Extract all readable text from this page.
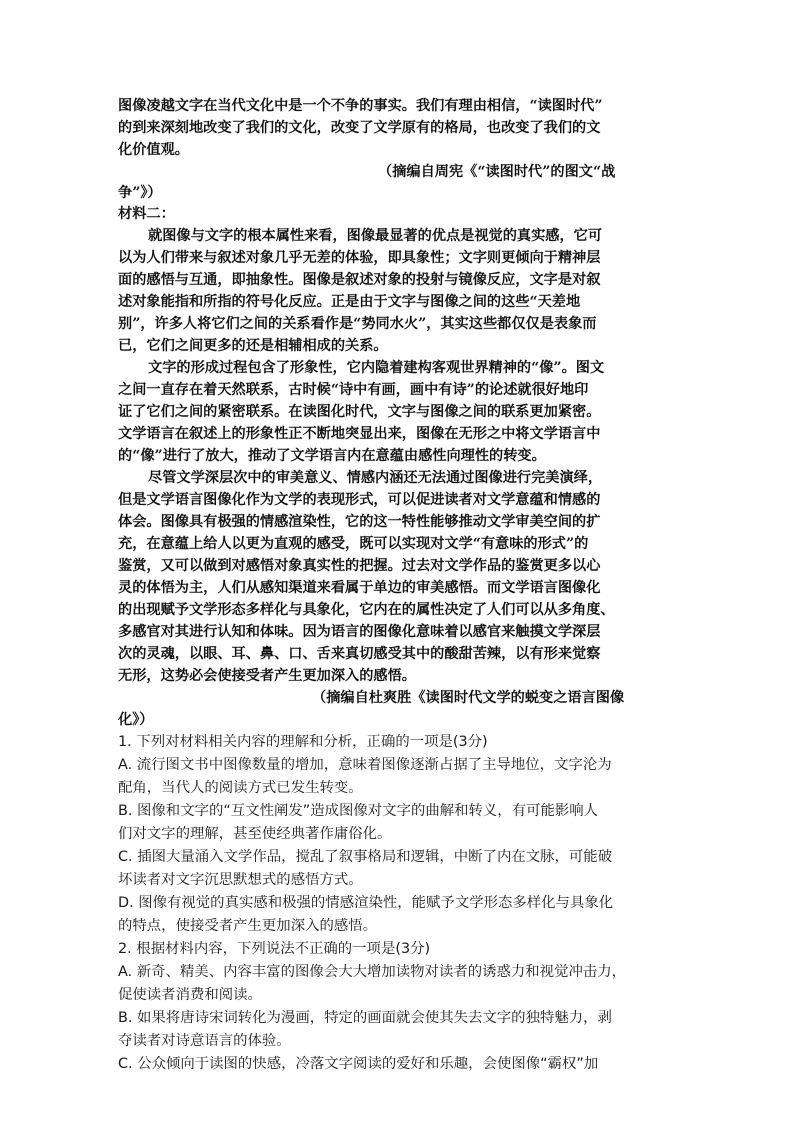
图像凌越文字在当代文化中是一个不争的事实。我们有理由相信，“读图时代”
的到来深刻地改变了我们的文化，改变了文学原有的格局，也改变了我们的文
化价值观。
（摘编自周宪《“读图时代”的图文“战
争”》）
材料二：
就图像与文字的根本属性来看，图像最显著的优点是视觉的真实感，它可
以为人们带来与叙述对象几乎无差的体验，即具象性；文字则更倾向于精神层
面的感悟与互通，即抽象性。图像是叙述对象的投射与镜像反应，文字是对叙
述对象能指和所指的符号化反应。正是由于文字与图像之间的这些“天差地
别”，许多人将它们之间的关系看作是“势同水火”，其实这些都仅仅是表象而
已，它们之间更多的还是相辅相成的关系。
文字的形成过程包含了形象性，它内隐着建构客观世界精神的“像”。图文
之间一直存在着天然联系，古时候“诗中有画，画中有诗”的论述就很好地印
证了它们之间的紧密联系。在读图化时代，文字与图像之间的联系更加紧密。
文学语言在叙述上的形象性正不断地突显出来，图像在无形之中将文学语言中
的“像”进行了放大，推动了文学语言内在意蕴由感性向理性的转变。
尽管文学深层次中的审美意义、情感内涵还无法通过图像进行完美演绎，
但是文学语言图像化作为文学的表现形式，可以促进读者对文学意蕴和情感的
体会。图像具有极强的情感渲染性，它的这一特性能够推动文学审美空间的扩
充，在意蕴上给人以更为直观的感受，既可以实现对文学“有意味的形式”的
鉴赏，又可以做到对感悟对象真实性的把握。过去对文学作品的鉴赏更多以心
灵的体悟为主，人们从感知渠道来看属于单边的审美感悟。而文学语言图像化
的出现赋予文学形态多样化与具象化，它内在的属性决定了人们可以从多角度、
多感官对其进行认知和体味。因为语言的图像化意味着以感官来触摸文学深层
次的灵魂，以眼、耳、鼻、口、舌来真切感受其中的酸甜苦辣，以有形来觉察
无形，这势必会使接受者产生更加深入的感悟。
（摘编自杜爽胜《读图时代文学的蜕变之语言图像
化》）
1. 下列对材料相关内容的理解和分析，正确的一项是(3分)
A. 流行图文书中图像数量的增加，意味着图像逐渐占据了主导地位，文字沦为
配角，当代人的阅读方式已发生转变。
B. 图像和文字的“互文性阐发”造成图像对文字的曲解和转义，有可能影响人
们对文字的理解，甚至使经典著作庸俗化。
C. 插图大量涌入文学作品，搅乱了叙事格局和逻辑，中断了内在文脉，可能破
坏读者对文字沉思默想式的感悟方式。
D. 图像有视觉的真实感和极强的情感渲染性，能赋予文学形态多样化与具象化
的特点，使接受者产生更加深入的感悟。
2. 根据材料内容，下列说法不正确的一项是(3分)
A. 新奇、精美、内容丰富的图像会大大增加读物对读者的诱惑力和视觉冲击力，
促使读者消费和阅读。
B. 如果将唐诗宋词转化为漫画，特定的画面就会使其失去文字的独特魅力，剥
夺读者对诗意语言的体验。
C. 公众倾向于读图的快感，冷落文字阅读的爱好和乐趣，会使图像“霸权”加
